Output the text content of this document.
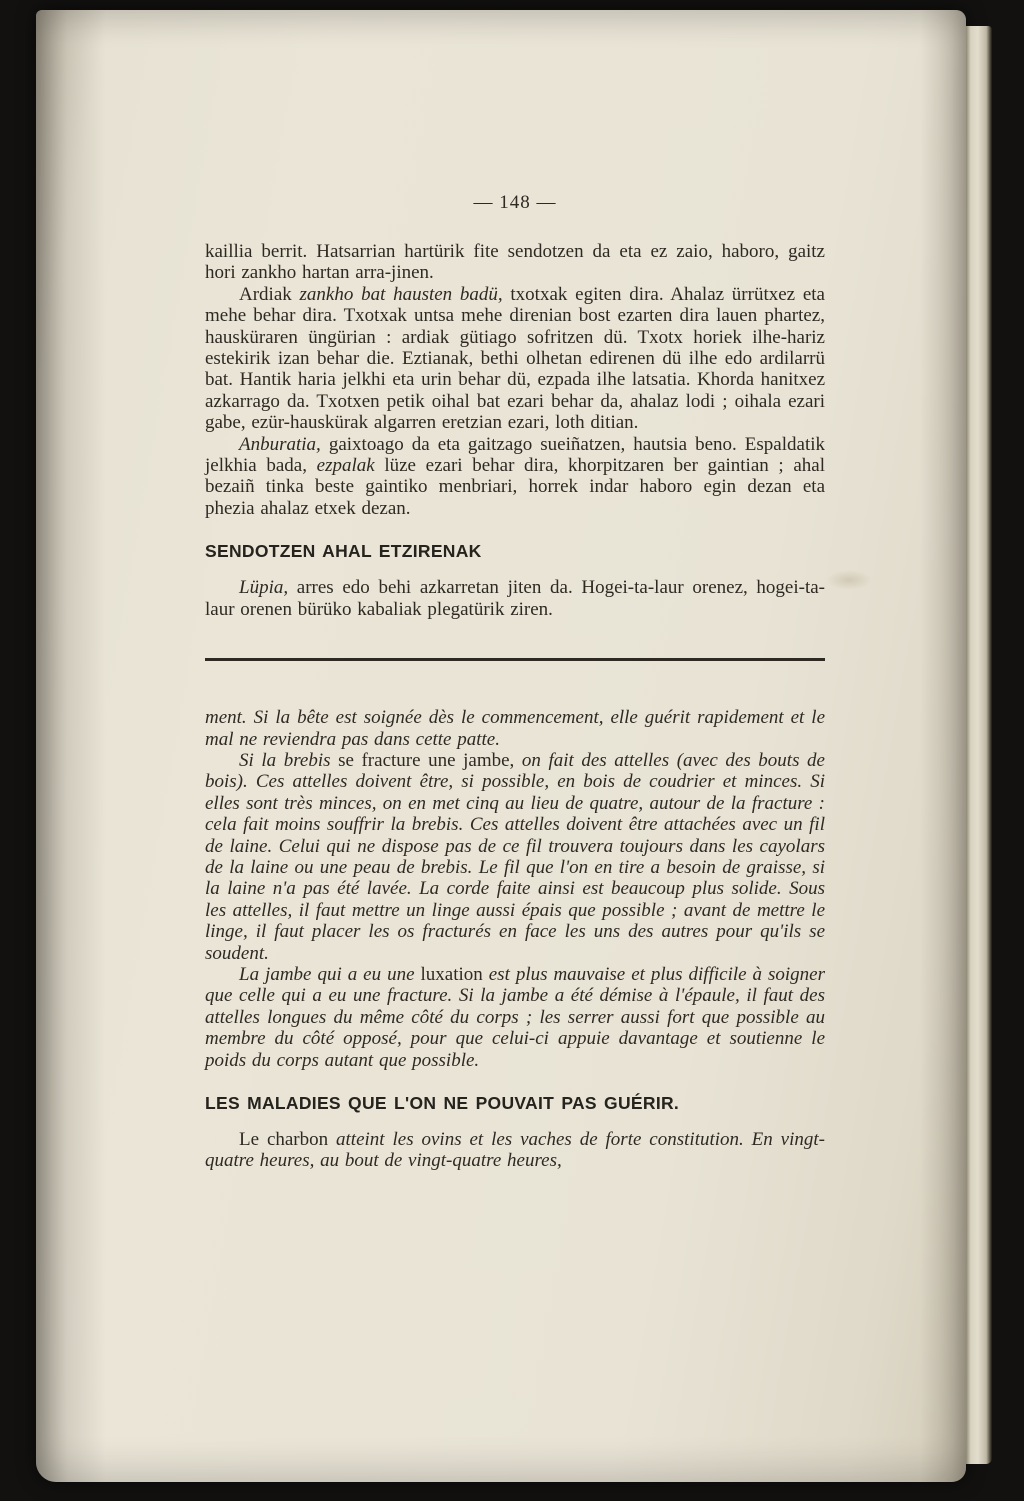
— 148 —

kaillia berrit. Hatsarrian hartürik fite sendotzen da eta ez zaio, haboro, gaitz hori zankho hartan arra-jinen.

Ardiak zankho bat hausten badü, txotxak egiten dira. Ahalaz ürrütxez eta mehe behar dira. Txotxak untsa mehe direnian bost ezarten dira lauen phartez, hausküraren üngürian : ardiak gütiago sofritzen dü. Txotx horiek ilhe-hariz estekirik izan behar die. Eztianak, bethi olhetan edirenen dü ilhe edo ardilarrü bat. Hantik haria jelkhi eta urin behar dü, ezpada ilhe latsatia. Khorda hanitxez azkarrago da. Txotxen petik oihal bat ezari behar da, ahalaz lodi ; oihala ezari gabe, ezür-hauskürak algarren eretzian ezari, loth ditian.

Anburatia, gaixtoago da eta gaitzago sueiñatzen, hautsia beno. Espaldatik jelkhia bada, ezpalak lüze ezari behar dira, khorpitzaren ber gaintian ; ahal bezaiñ tinka beste gaintiko menbriari, horrek indar haboro egin dezan eta phezia ahalaz etxek dezan.

SENDOTZEN AHAL ETZIRENAK

Lüpia, arres edo behi azkarretan jiten da. Hogei-ta-laur orenez, hogei-ta-laur orenen bürüko kabaliak plegatürik ziren.

ment. Si la bête est soignée dès le commencement, elle guérit rapidement et le mal ne reviendra pas dans cette patte.

Si la brebis se fracture une jambe, on fait des attelles (avec des bouts de bois). Ces attelles doivent être, si possible, en bois de coudrier et minces. Si elles sont très minces, on en met cinq au lieu de quatre, autour de la fracture : cela fait moins souffrir la brebis. Ces attelles doivent être attachées avec un fil de laine. Celui qui ne dispose pas de ce fil trouvera toujours dans les cayolars de la laine ou une peau de brebis. Le fil que l'on en tire a besoin de graisse, si la laine n'a pas été lavée. La corde faite ainsi est beaucoup plus solide. Sous les attelles, il faut mettre un linge aussi épais que possible ; avant de mettre le linge, il faut placer les os fracturés en face les uns des autres pour qu'ils se soudent.

La jambe qui a eu une luxation est plus mauvaise et plus difficile à soigner que celle qui a eu une fracture. Si la jambe a été démise à l'épaule, il faut des attelles longues du même côté du corps ; les serrer aussi fort que possible au membre du côté opposé, pour que celui-ci appuie davantage et soutienne le poids du corps autant que possible.

LES MALADIES QUE L'ON NE POUVAIT PAS GUÉRIR.

Le charbon atteint les ovins et les vaches de forte constitution. En vingt-quatre heures, au bout de vingt-quatre heures,
